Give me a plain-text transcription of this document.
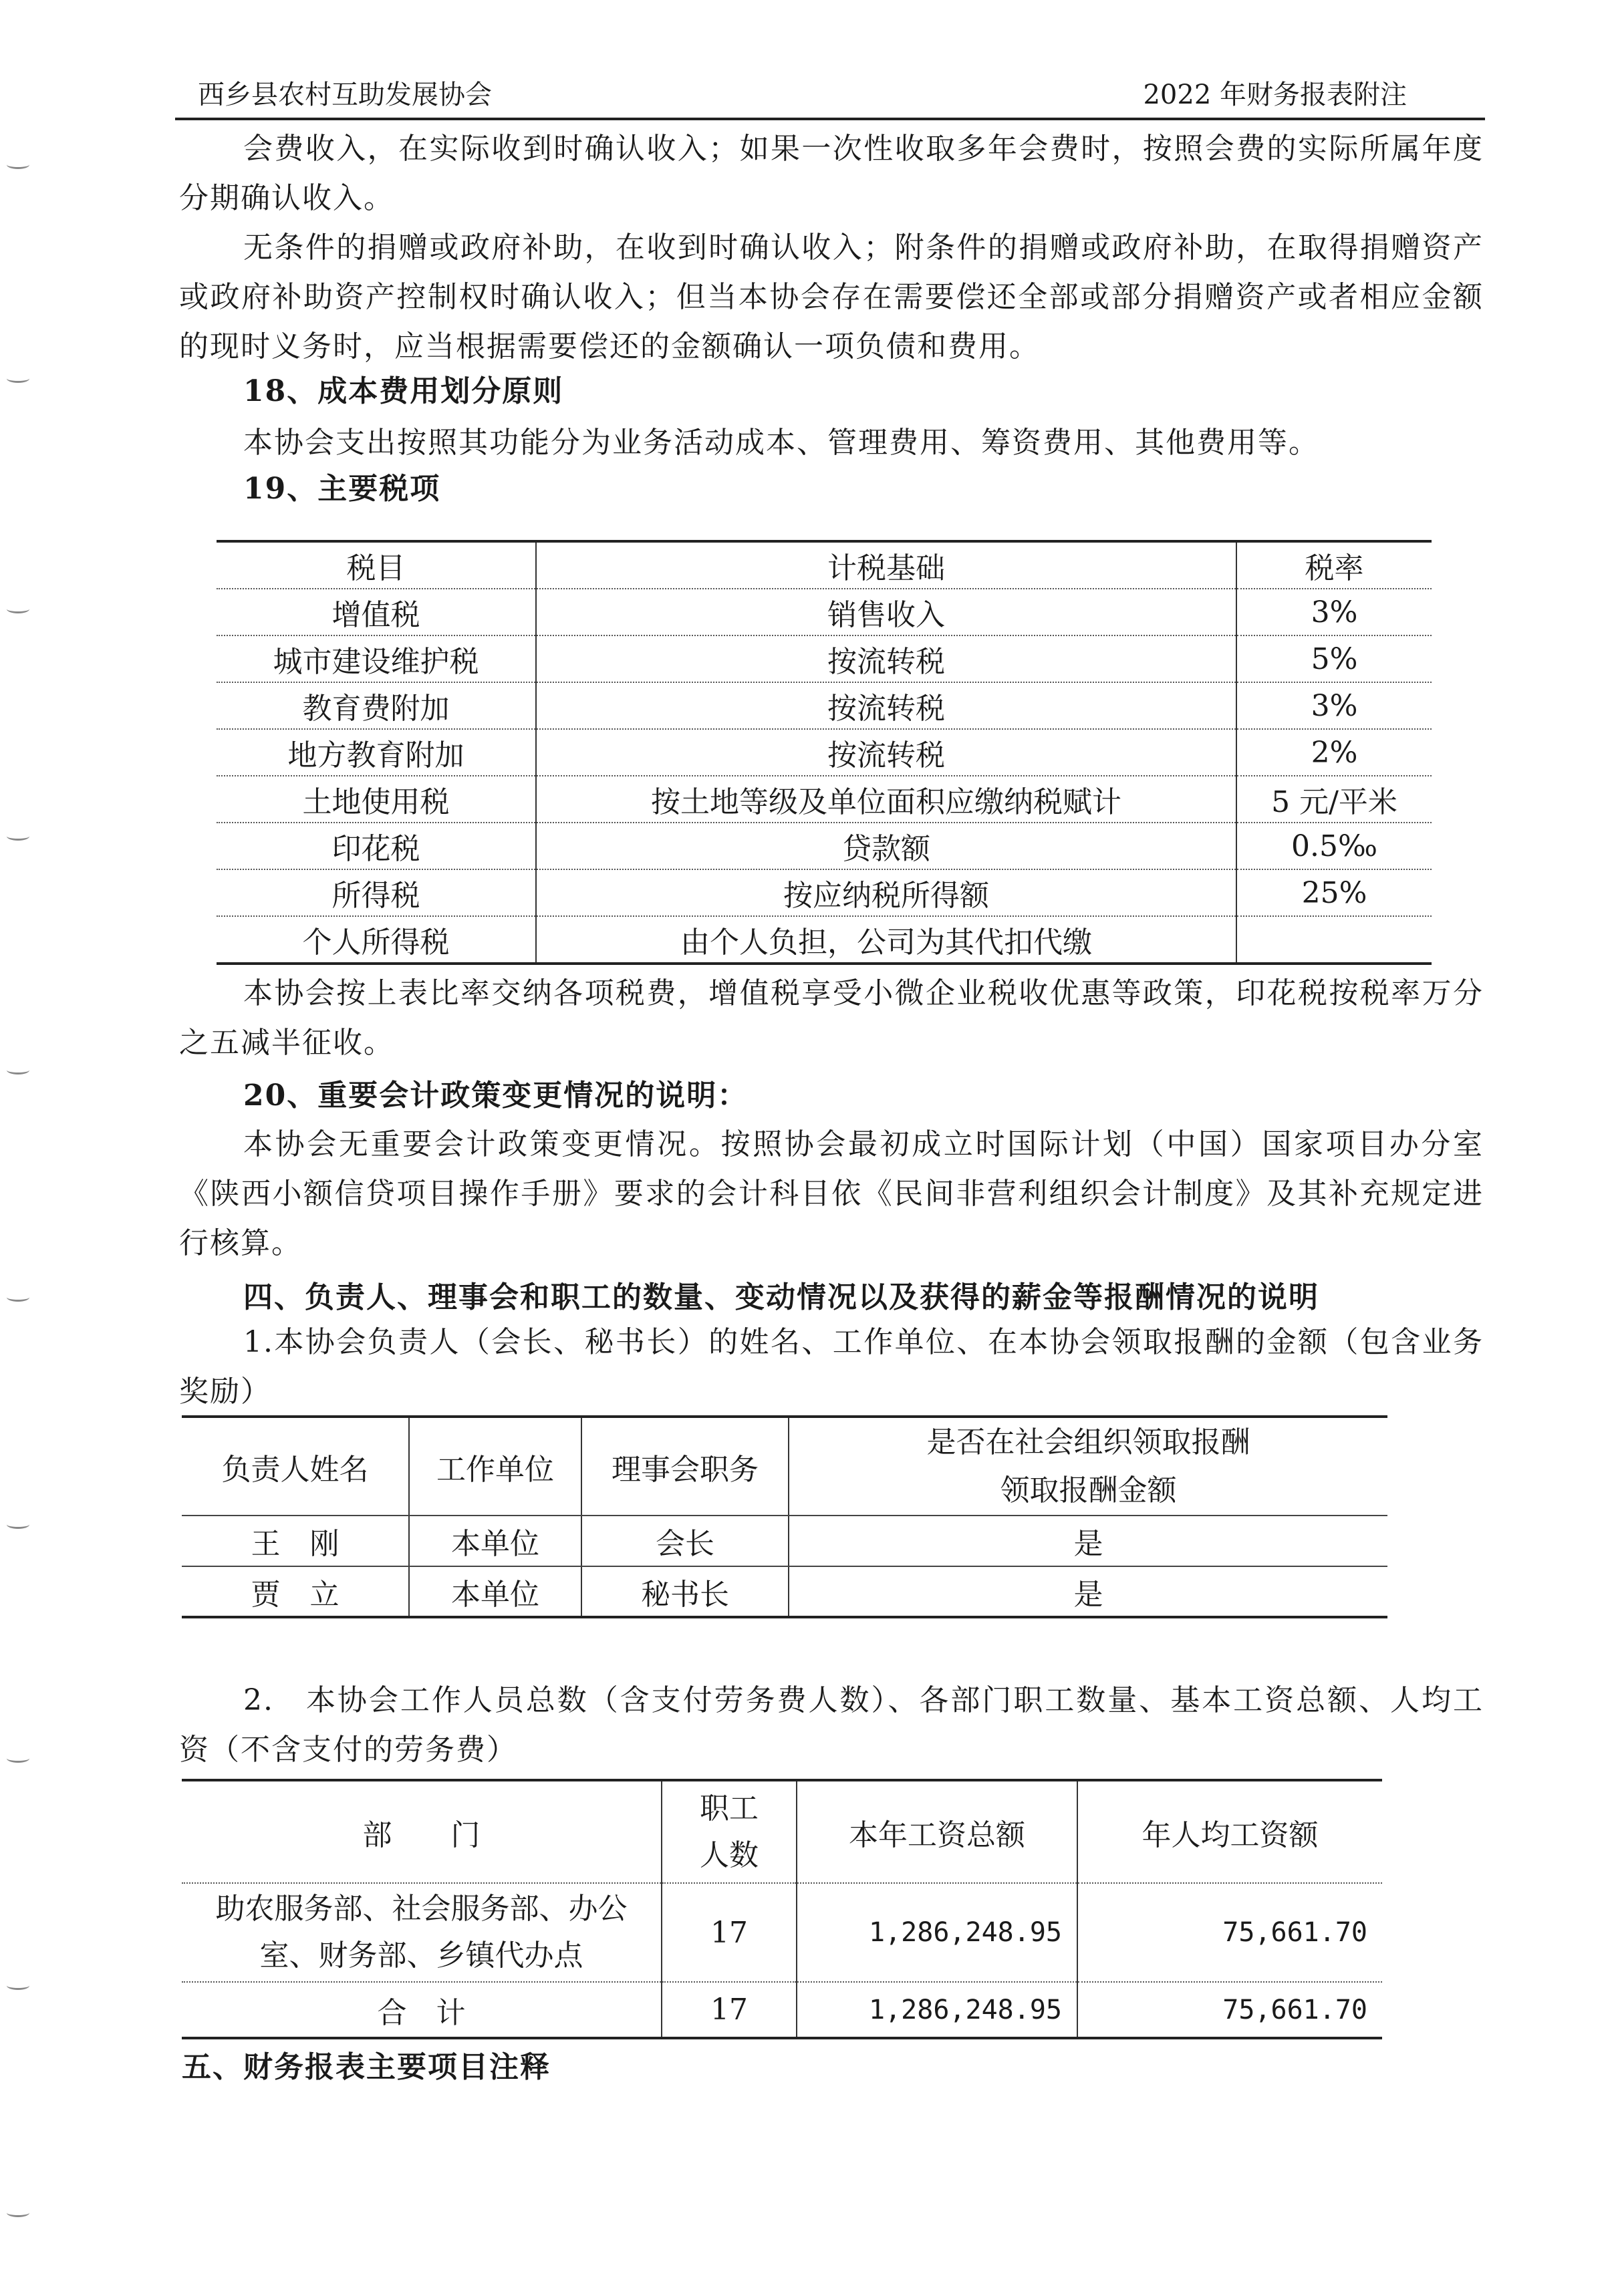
西乡县农村互助发展协会	2022 年财务报表附注

会费收入，在实际收到时确认收入；如果一次性收取多年会费时，按照会费的实际所属年度分期确认收入。

无条件的捐赠或政府补助，在收到时确认收入；附条件的捐赠或政府补助，在取得捐赠资产或政府补助资产控制权时确认收入；但当本协会存在需要偿还全部或部分捐赠资产或者相应金额的现时义务时，应当根据需要偿还的金额确认一项负债和费用。

18、成本费用划分原则

本协会支出按照其功能分为业务活动成本、管理费用、筹资费用、其他费用等。

19、主要税项
税目	计税基础	税率
增值税	销售收入	3%
城市建设维护税	按流转税	5%
教育费附加	按流转税	3%
地方教育附加	按流转税	2%
土地使用税	按土地等级及单位面积应缴纳税赋计	5 元/平米
印花税	贷款额	0.5‰
所得税	按应纳税所得额	25%
个人所得税	由个人负担，公司为其代扣代缴	

本协会按上表比率交纳各项税费，增值税享受小微企业税收优惠等政策，印花税按税率万分之五减半征收。

20、重要会计政策变更情况的说明：

本协会无重要会计政策变更情况。按照协会最初成立时国际计划（中国）国家项目办分室《陕西小额信贷项目操作手册》要求的会计科目依《民间非营利组织会计制度》及其补充规定进行核算。

四、负责人、理事会和职工的数量、变动情况以及获得的薪金等报酬情况的说明

1.本协会负责人（会长、秘书长）的姓名、工作单位、在本协会领取报酬的金额（包含业务奖励）

负责人姓名	工作单位	理事会职务	是否在社会组织领取报酬
领取报酬金额

王　刚	本单位	会长	是
贾　立	本单位	秘书长	是

2.　 本协会工作人员总数（含支付劳务费人数）、各部门职工数量、基本工资总额、人均工资（不含支付的劳务费）

部　　门	职工人数	本年工资总额	年人均工资额
助农服务部、社会服务部、办公室、财务部、乡镇代办点	17	1,286,248.95	75,661.70
合　计	17	1,286,248.95	75,661.70
五、财务报表主要项目注释
